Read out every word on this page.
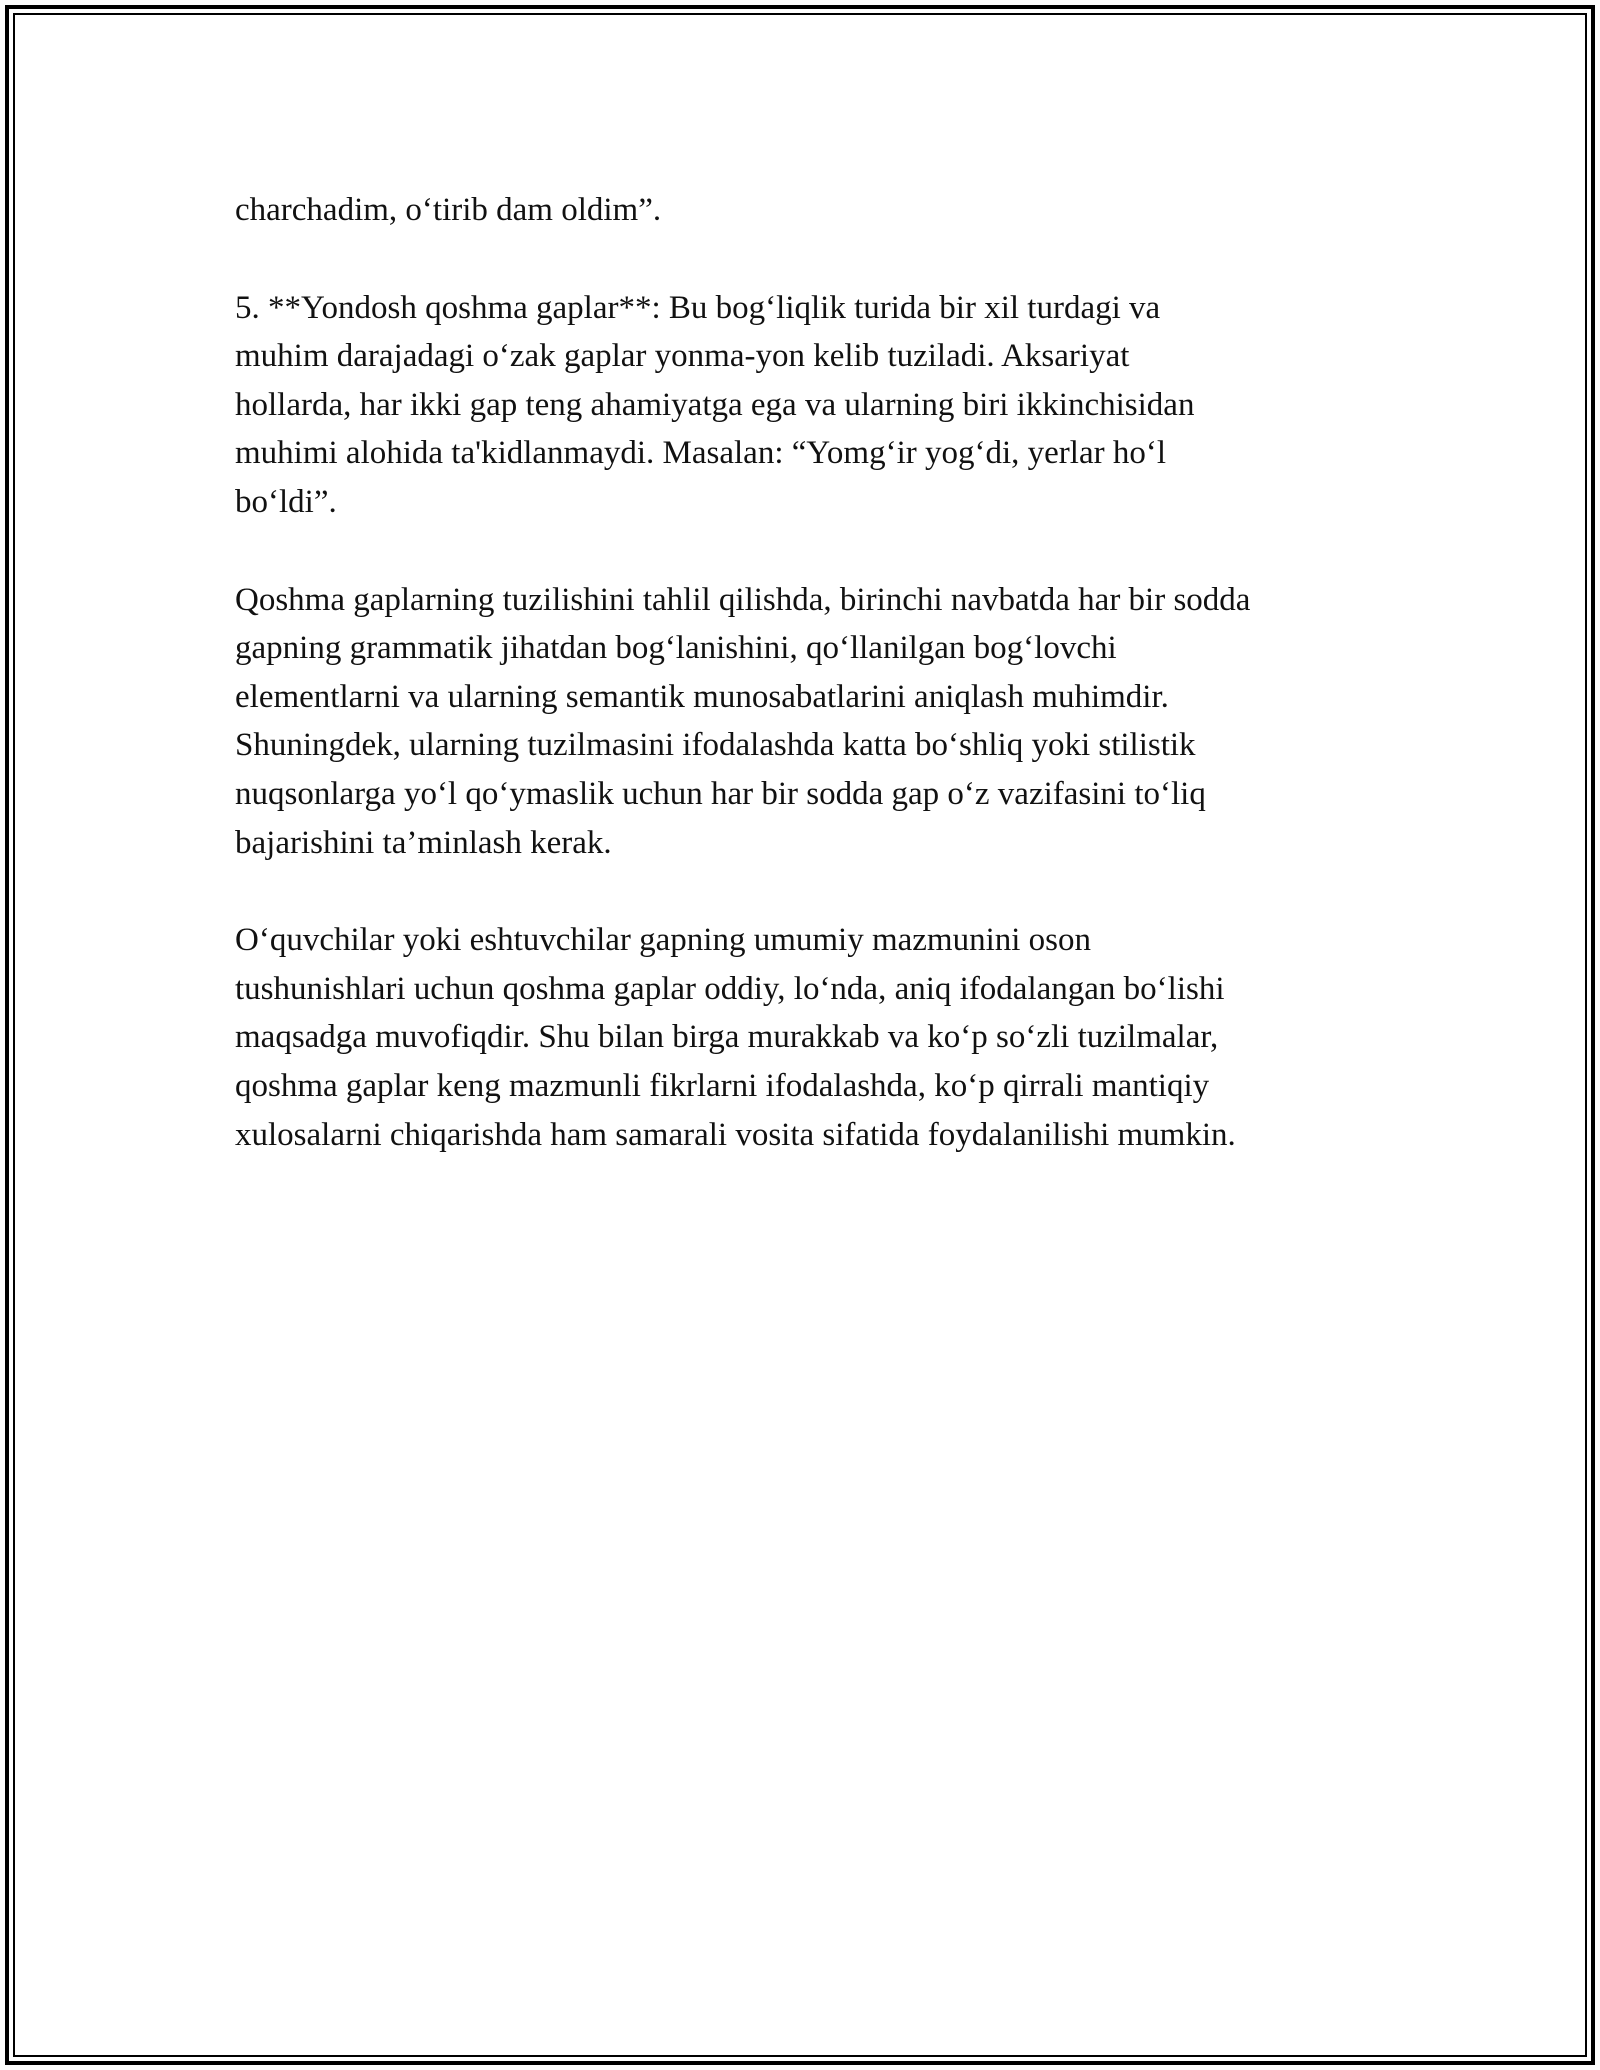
charchadim, o‘tirib dam oldim”.

5. **Yondosh qoshma gaplar**: Bu bog‘liqlik turida bir xil turdagi va
muhim darajadagi o‘zak gaplar yonma-yon kelib tuziladi. Aksariyat
hollarda, har ikki gap teng ahamiyatga ega va ularning biri ikkinchisidan
muhimi alohida ta'kidlanmaydi. Masalan: “Yomg‘ir yog‘di, yerlar ho‘l
bo‘ldi”.

Qoshma gaplarning tuzilishini tahlil qilishda, birinchi navbatda har bir sodda
gapning grammatik jihatdan bog‘lanishini, qo‘llanilgan bog‘lovchi
elementlarni va ularning semantik munosabatlarini aniqlash muhimdir.
Shuningdek, ularning tuzilmasini ifodalashda katta bo‘shliq yoki stilistik
nuqsonlarga yo‘l qo‘ymaslik uchun har bir sodda gap o‘z vazifasini to‘liq
bajarishini ta’minlash kerak.

O‘quvchilar yoki eshtuvchilar gapning umumiy mazmunini oson
tushunishlari uchun qoshma gaplar oddiy, lo‘nda, aniq ifodalangan bo‘lishi
maqsadga muvofiqdir. Shu bilan birga murakkab va ko‘p so‘zli tuzilmalar,
qoshma gaplar keng mazmunli fikrlarni ifodalashda, ko‘p qirrali mantiqiy
xulosalarni chiqarishda ham samarali vosita sifatida foydalanilishi mumkin.
